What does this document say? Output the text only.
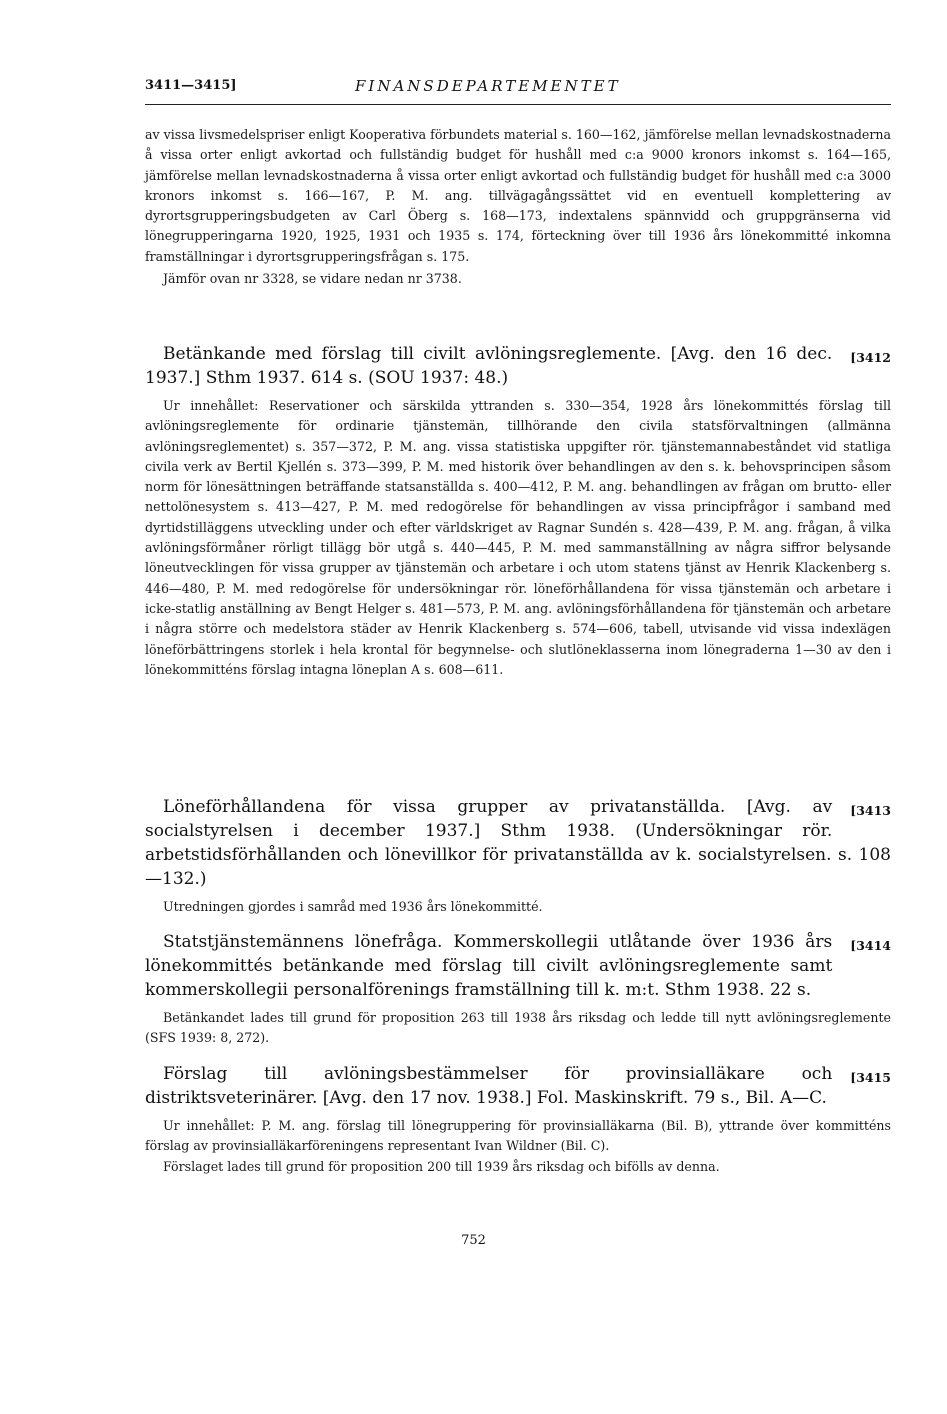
3411—3415]	FINANSDEPARTEMENTET

av vissa livsmedelspriser enligt Kooperativa förbundets material s. 160—162, jämförelse mellan levnadskostnaderna å vissa orter enligt avkortad och fullständig budget för hushåll med c:a 9000 kronors inkomst s. 164—165, jämförelse mellan levnadskostnaderna å vissa orter enligt avkortad och fullständig budget för hushåll med c:a 3000 kronors inkomst s. 166—167, P. M. ang. tillvägagångssättet vid en eventuell komplettering av dyrortsgrupperingsbudgeten av Carl Öberg s. 168—173, indextalens spännvidd och gruppgränserna vid lönegrupperingarna 1920, 1925, 1931 och 1935 s. 174, förteckning över till 1936 års lönekommitté inkomna framställningar i dyrortsgrupperingsfrågan s. 175.

Jämför ovan nr 3328, se vidare nedan nr 3738.

[3412
Betänkande med förslag till civilt avlöningsreglemente. [Avg. den 16 dec. 1937.] Sthm 1937. 614 s. (SOU 1937: 48.)

Ur innehållet: Reservationer och särskilda yttranden s. 330—354, 1928 års lönekommittés förslag till avlöningsreglemente för ordinarie tjänstemän, tillhörande den civila statsförvaltningen (allmänna avlöningsreglementet) s. 357—372, P. M. ang. vissa statistiska uppgifter rör. tjänstemannabeståndet vid statliga civila verk av Bertil Kjellén s. 373—399, P. M. med historik över behandlingen av den s. k. behovsprincipen såsom norm för lönesättningen beträffande statsanställda s. 400—412, P. M. ang. behandlingen av frågan om brutto- eller nettolönesystem s. 413—427, P. M. med redogörelse för behandlingen av vissa principfrågor i samband med dyrtidstilläggens utveckling under och efter världskriget av Ragnar Sundén s. 428—439, P. M. ang. frågan, å vilka avlöningsförmåner rörligt tillägg bör utgå s. 440—445, P. M. med sammanställning av några siffror belysande löneutvecklingen för vissa grupper av tjänstemän och arbetare i och utom statens tjänst av Henrik Klackenberg s. 446—480, P. M. med redogörelse för undersökningar rör. löneförhållandena för vissa tjänstemän och arbetare i icke-statlig anställning av Bengt Helger s. 481—573, P. M. ang. avlöningsförhållandena för tjänstemän och arbetare i några större och medelstora städer av Henrik Klackenberg s. 574—606, tabell, utvisande vid vissa indexlägen löneförbättringens storlek i hela krontal för begynnelse- och slutlöneklasserna inom lönegraderna 1—30 av den i lönekommitténs förslag intagna löneplan A s. 608—611.

[3413
Löneförhållandena för vissa grupper av privatanställda. [Avg. av socialstyrelsen i december 1937.] Sthm 1938. (Undersökningar rör. arbetstidsförhållanden och lönevillkor för privatanställda av k. socialstyrelsen. s. 108—132.)

Utredningen gjordes i samråd med 1936 års lönekommitté.

[3414
Statstjänstemännens lönefråga. Kommerskollegii utlåtande över 1936 års lönekommittés betänkande med förslag till civilt avlöningsreglemente samt kommerskollegii personalförenings framställning till k. m:t. Sthm 1938. 22 s.

Betänkandet lades till grund för proposition 263 till 1938 års riksdag och ledde till nytt avlöningsreglemente (SFS 1939: 8, 272).

[3415
Förslag till avlöningsbestämmelser för provinsialläkare och distriktsveterinärer. [Avg. den 17 nov. 1938.] Fol. Maskinskrift. 79 s., Bil. A—C.

Ur innehållet: P. M. ang. förslag till lönegruppering för provinsialläkarna (Bil. B), yttrande över kommitténs förslag av provinsialläkarföreningens representant Ivan Wildner (Bil. C).

Förslaget lades till grund för proposition 200 till 1939 års riksdag och bifölls av denna.

752
